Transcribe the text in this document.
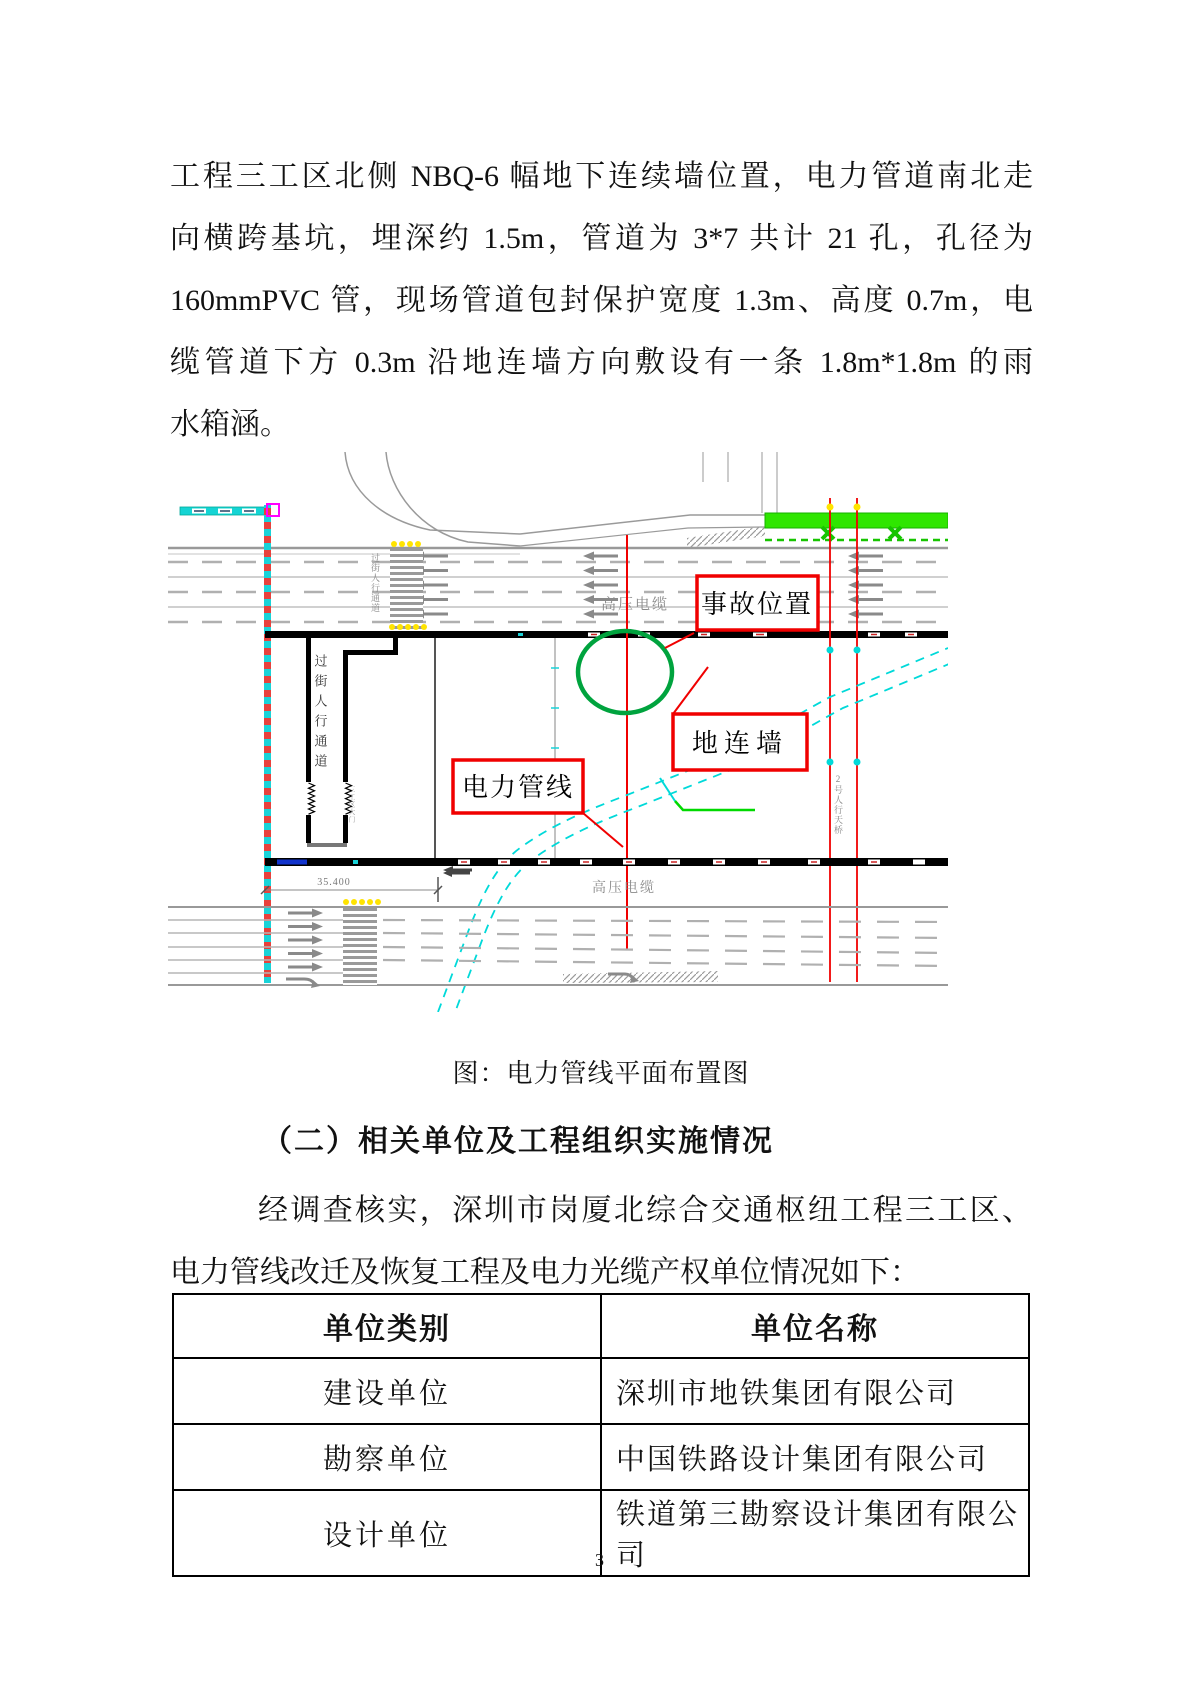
工程三工区北侧 NBQ-6 幅地下连续墙位置，电力管道南北走
向横跨基坑，埋深约 1.5m，管道为 3*7 共计 21 孔，孔径为
160mmPVC 管，现场管道包封保护宽度 1.3m、高度 0.7m，电
缆管道下方 0.3m 沿地连墙方向敷设有一条 1.8m*1.8m 的雨
水箱涵。
过街人行通道	高压电缆
2号人行天桥
过街人行通道
三工区大门
事故位置
地连墙
电力管线
35.400	高压电缆
图：电力管线平面布置图
（二）相关单位及工程组织实施情况
经调查核实，深圳市岗厦北综合交通枢纽工程三工区、
电力管线改迁及恢复工程及电力光缆产权单位情况如下：
单位类别	单位名称
建设单位	深圳市地铁集团有限公司
勘察单位	中国铁路设计集团有限公司
设计单位	铁道第三勘察设计集团有限公司
3
